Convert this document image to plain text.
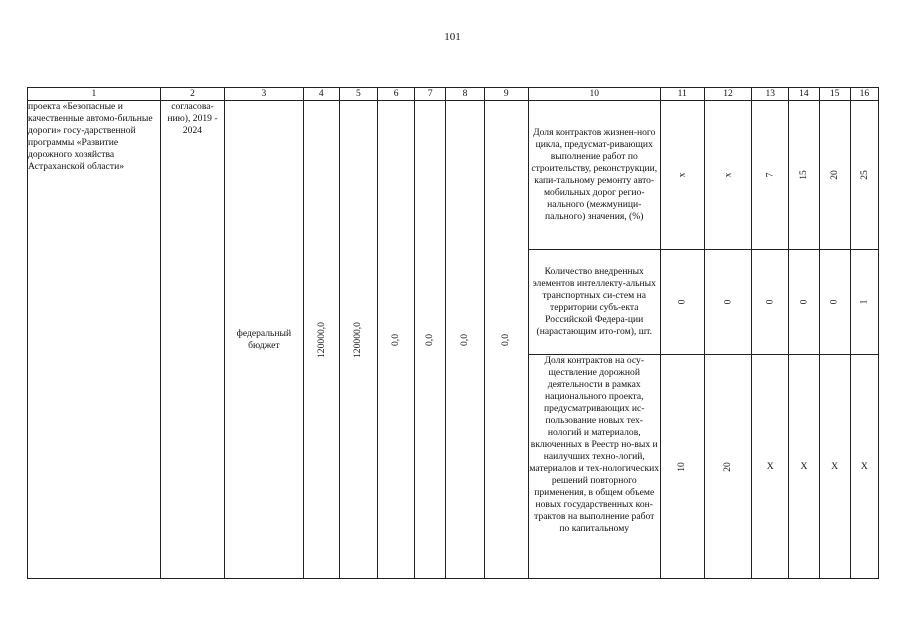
101
1	2	3	4	5	6	7	8	9	10	11	12	13	14	15	16
проекта «Безопасные и качественные автомо-бильные дороги» госу-дарственной программы «Развитие дорожного хозяйства Астраханской области»	согласова-нию), 2019 - 2024	федеральный бюджет	120000,0	120000,0	0,0	0,0	0,0	0,0	Доля контрактов жизнен-ного цикла, предусмат-ривающих выполнение работ по строительству, реконструкции, капи-тальному ремонту авто-мобильных дорог регио-нального (межмуници-пального) значения, (%)	х	х	7	15	20	25
									Количество внедренных элементов интеллекту-альных транспортных си-стем на территории субъ-екта Российской Федера-ции (нарастающим ито-гом), шт.	0	0	0	0	0	1
									Доля контрактов на осу-ществление дорожной деятельности в рамках национального проекта, предусматривающих ис-пользование новых тех-нологий и материалов, включенных в Реестр но-вых и наилучших техно-логий, материалов и тех-нологических решений повторного применения, в общем объеме новых государственных кон-трактов на выполнение работ по капитальному	10	20	Х	Х	Х	Х
